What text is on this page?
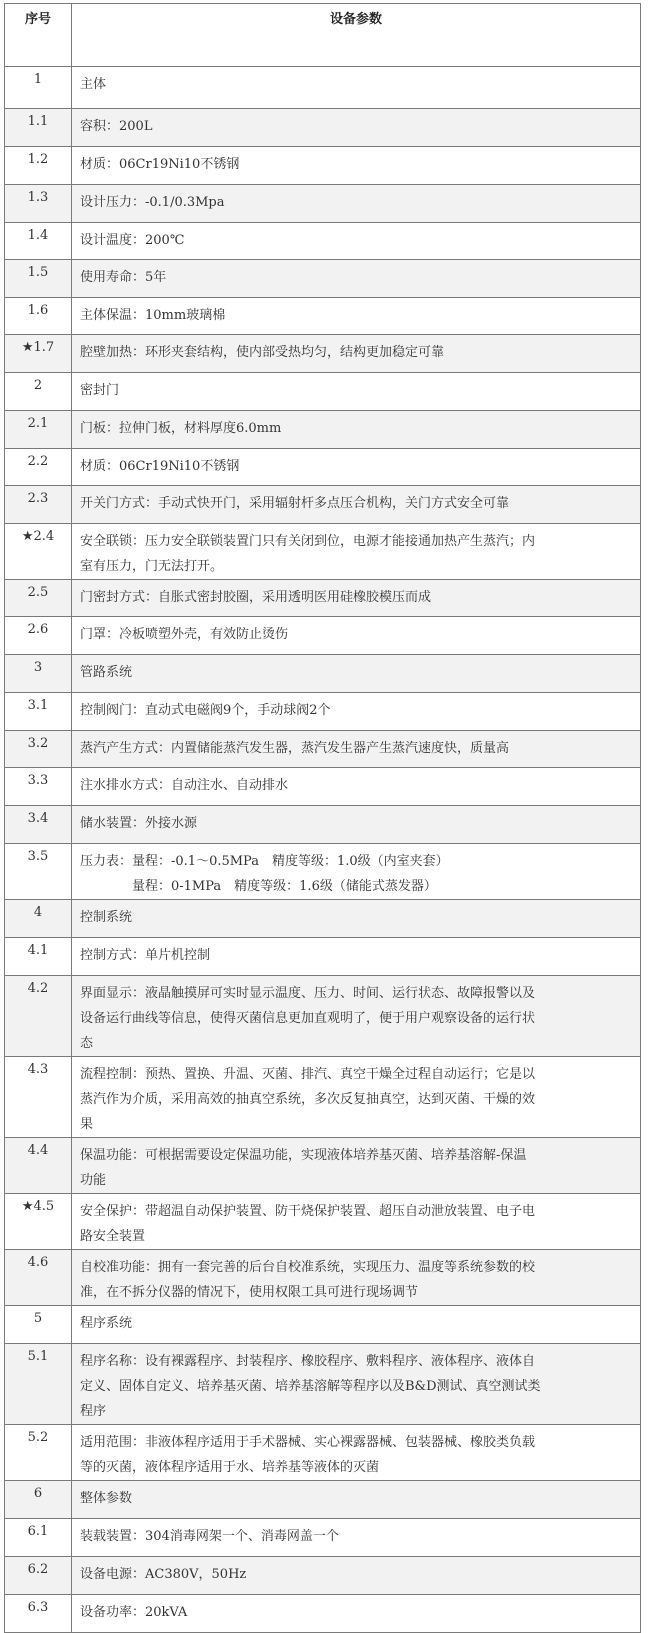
序号	设备参数
1	主体

1.1	容积：200L

1.2	材质：06Cr19Ni10不锈钢

1.3	设计压力：-0.1/0.3Mpa

1.4	设计温度：200℃

1.5	使用寿命：5年

1.6	主体保温：10mm玻璃棉

★1.7	腔壁加热：环形夹套结构，使内部受热均匀，结构更加稳定可靠

2	密封门

2.1	门板：拉伸门板，材料厚度6.0mm

2.2	材质：06Cr19Ni10不锈钢

2.3	开关门方式：手动式快开门，采用辐射杆多点压合机构，关门方式安全可靠

★2.4	安全联锁：压力安全联锁装置门只有关闭到位，电源才能接通加热产生蒸汽；内
室有压力，门无法打开。

2.5	门密封方式：自胀式密封胶圈，采用透明医用硅橡胶模压而成

2.6	门罩：冷板喷塑外壳，有效防止烫伤

3	管路系统

3.1	控制阀门：直动式电磁阀9个，手动球阀2个

3.2	蒸汽产生方式：内置储能蒸汽发生器，蒸汽发生器产生蒸汽速度快，质量高

3.3	注水排水方式：自动注水、自动排水

3.4	储水装置：外接水源

3.5	压力表：量程：-0.1～0.5MPa　精度等级：1.0级（内室夹套）
　　　　量程：0-1MPa　精度等级：1.6级（储能式蒸发器）

4	控制系统

4.1	控制方式：单片机控制

4.2	界面显示：液晶触摸屏可实时显示温度、压力、时间、运行状态、故障报警以及
设备运行曲线等信息，使得灭菌信息更加直观明了，便于用户观察设备的运行状
态

4.3	流程控制：预热、置换、升温、灭菌、排汽、真空干燥全过程自动运行；它是以
蒸汽作为介质，采用高效的抽真空系统，多次反复抽真空，达到灭菌、干燥的效
果

4.4	保温功能：可根据需要设定保温功能，实现液体培养基灭菌、培养基溶解-保温
功能

★4.5	安全保护：带超温自动保护装置、防干烧保护装置、超压自动泄放装置、电子电
路安全装置

4.6	自校准功能：拥有一套完善的后台自校准系统，实现压力、温度等系统参数的校
准，在不拆分仪器的情况下，使用权限工具可进行现场调节

5	程序系统

5.1	程序名称：设有裸露程序、封装程序、橡胶程序、敷料程序、液体程序、液体自
定义、固体自定义、培养基灭菌、培养基溶解等程序以及B&D测试、真空测试类
程序

5.2	适用范围：非液体程序适用于手术器械、实心裸露器械、包装器械、橡胶类负载
等的灭菌，液体程序适用于水、培养基等液体的灭菌

6	整体参数

6.1	装载装置：304消毒网架一个、消毒网盖一个

6.2	设备电源：AC380V，50Hz

6.3	设备功率：20kVA
